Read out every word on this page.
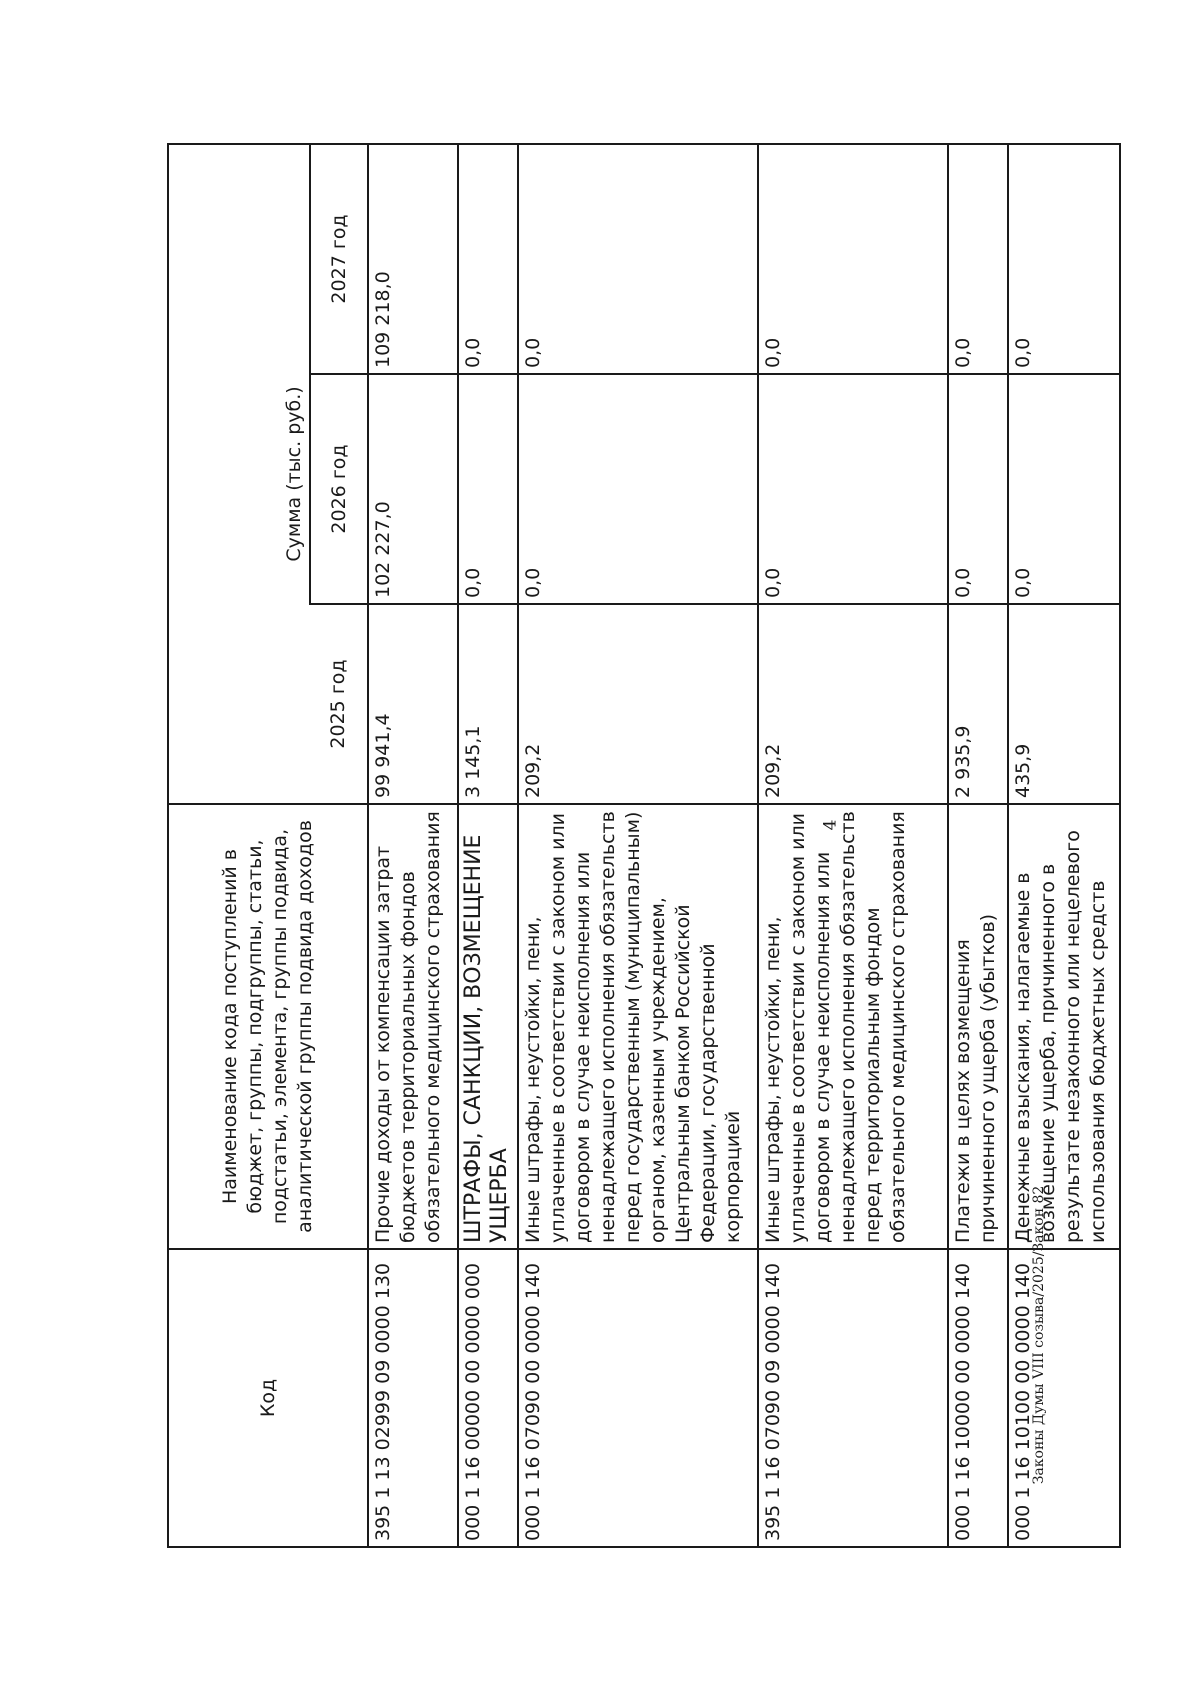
4
Код	Наименование кода поступлений в бюджет, группы, подгруппы, статьи, подстатьи, элемента, группы подвида, аналитической группы подвида доходов	Сумма (тыс. руб.)		
		2025 год	2026 год	2027 год
395 1 13 02999 09 0000 130	Прочие доходы от компенсации затрат бюджетов территориальных фондов обязательного медицинского страхования	99 941,4	102 227,0	109 218,0
000 1 16 00000 00 0000 000	ШТРАФЫ, САНКЦИИ, ВОЗМЕЩЕНИЕ УЩЕРБА	3 145,1	0,0	0,0
000 1 16 07090 00 0000 140	Иные штрафы, неустойки, пени, уплаченные в соответствии с законом или договором в случае неисполнения или ненадлежащего исполнения обязательств перед государственным (муниципальным) органом, казенным учреждением, Центральным банком Российской Федерации, государственной корпорацией	209,2	0,0	0,0
395 1 16 07090 09 0000 140	Иные штрафы, неустойки, пени, уплаченные в соответствии с законом или договором в случае неисполнения или ненадлежащего исполнения обязательств перед территориальным фондом обязательного медицинского страхования	209,2	0,0	0,0
000 1 16 10000 00 0000 140	Платежи в целях возмещения причиненного ущерба (убытков)	2 935,9	0,0	0,0
000 1 16 10100 00 0000 140	Денежные взыскания, налагаемые в возмещение ущерба, причиненного в результате незаконного или нецелевого использования бюджетных средств	435,9	0,0	0,0
Законы Думы VIII созыва/2025/Закон 82
